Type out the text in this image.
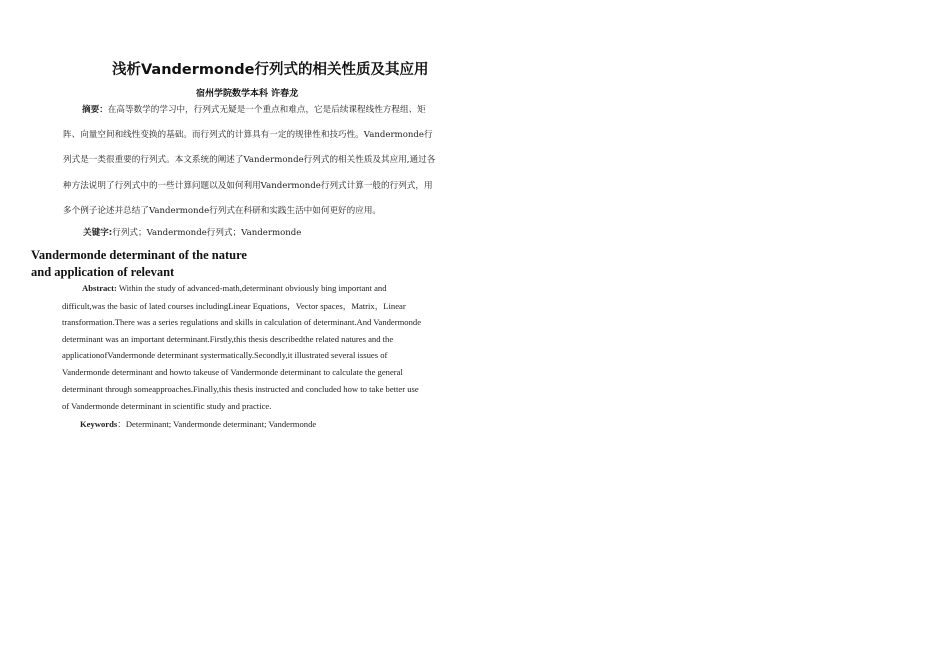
浅析Vandermonde行列式的相关性质及其应用
宿州学院数学本科 许春龙
摘要：在高等数学的学习中，行列式无疑是一个重点和难点，它是后续课程线性方程组、矩
阵、向量空间和线性变换的基础。而行列式的计算具有一定的规律性和技巧性。Vandermonde行
列式是一类很重要的行列式。本文系统的阐述了Vandermonde行列式的相关性质及其应用,通过各
种方法说明了行列式中的一些计算问题以及如何利用Vandermonde行列式计算一般的行列式，用
多个例子论述并总结了Vandermonde行列式在科研和实践生活中如何更好的应用。
关键字:行列式；Vandermonde行列式；Vandermonde
Vandermonde determinant of the nature
and application of relevant
Abstract: Within the study of advanced-math,determinant obviously bing important and
difficult,was the basic of lated courses includingLinear Equations，Vector spaces，Matrix，Linear
transformation.There was a series regulations and skills in calculation of determinant.And Vandermonde
determinant was an important determinant.Firstly,this thesis describedthe related natures and the
applicationofVandermonde determinant systermatically.Secondly,it illustrated several issues of
Vandermonde determinant and howto takeuse of Vandermonde determinant to calculate the general
determinant through someapproaches.Finally,this thesis instructed and concluded how to take better use
of Vandermonde determinant in scientific study and practice.
Keywords：Determinant; Vandermonde determinant; Vandermonde
